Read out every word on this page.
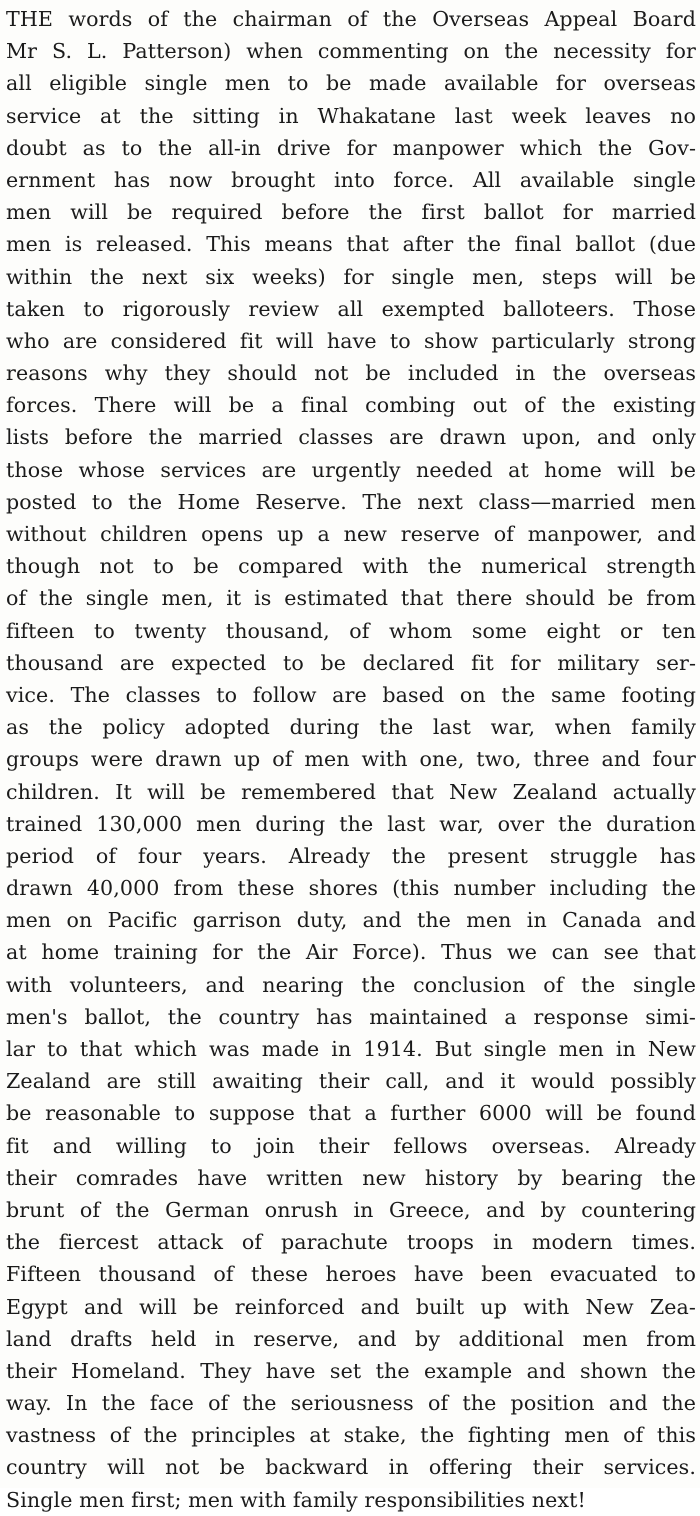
THE words of the chairman of the Overseas Appeal Board
Mr S. L. Patterson) when commenting on the necessity for
all eligible single men to be made available for overseas
service at the sitting in Whakatane last week leaves no
doubt as to the all-in drive for manpower which the Gov-
ernment has now brought into force. All available single
men will be required before the first ballot for married
men is released. This means that after the final ballot (due
within the next six weeks) for single men, steps will be
taken to rigorously review all exempted balloteers. Those
who are considered fit will have to show particularly strong
reasons why they should not be included in the overseas
forces. There will be a final combing out of the existing
lists before the married classes are drawn upon, and only
those whose services are urgently needed at home will be
posted to the Home Reserve. The next class—married men
without children opens up a new reserve of manpower, and
though not to be compared with the numerical strength
of the single men, it is estimated that there should be from
fifteen to twenty thousand, of whom some eight or ten
thousand are expected to be declared fit for military ser-
vice. The classes to follow are based on the same footing
as the policy adopted during the last war, when family
groups were drawn up of men with one, two, three and four
children. It will be remembered that New Zealand actually
trained 130,000 men during the last war, over the duration
period of four years. Already the present struggle has
drawn 40,000 from these shores (this number including the
men on Pacific garrison duty, and the men in Canada and
at home training for the Air Force). Thus we can see that
with volunteers, and nearing the conclusion of the single
men's ballot, the country has maintained a response simi-
lar to that which was made in 1914. But single men in New
Zealand are still awaiting their call, and it would possibly
be reasonable to suppose that a further 6000 will be found
fit and willing to join their fellows overseas. Already
their comrades have written new history by bearing the
brunt of the German onrush in Greece, and by countering
the fiercest attack of parachute troops in modern times.
Fifteen thousand of these heroes have been evacuated to
Egypt and will be reinforced and built up with New Zea-
land drafts held in reserve, and by additional men from
their Homeland. They have set the example and shown the
way. In the face of the seriousness of the position and the
vastness of the principles at stake, the fighting men of this
country will not be backward in offering their services.
Single men first; men with family responsibilities next!
